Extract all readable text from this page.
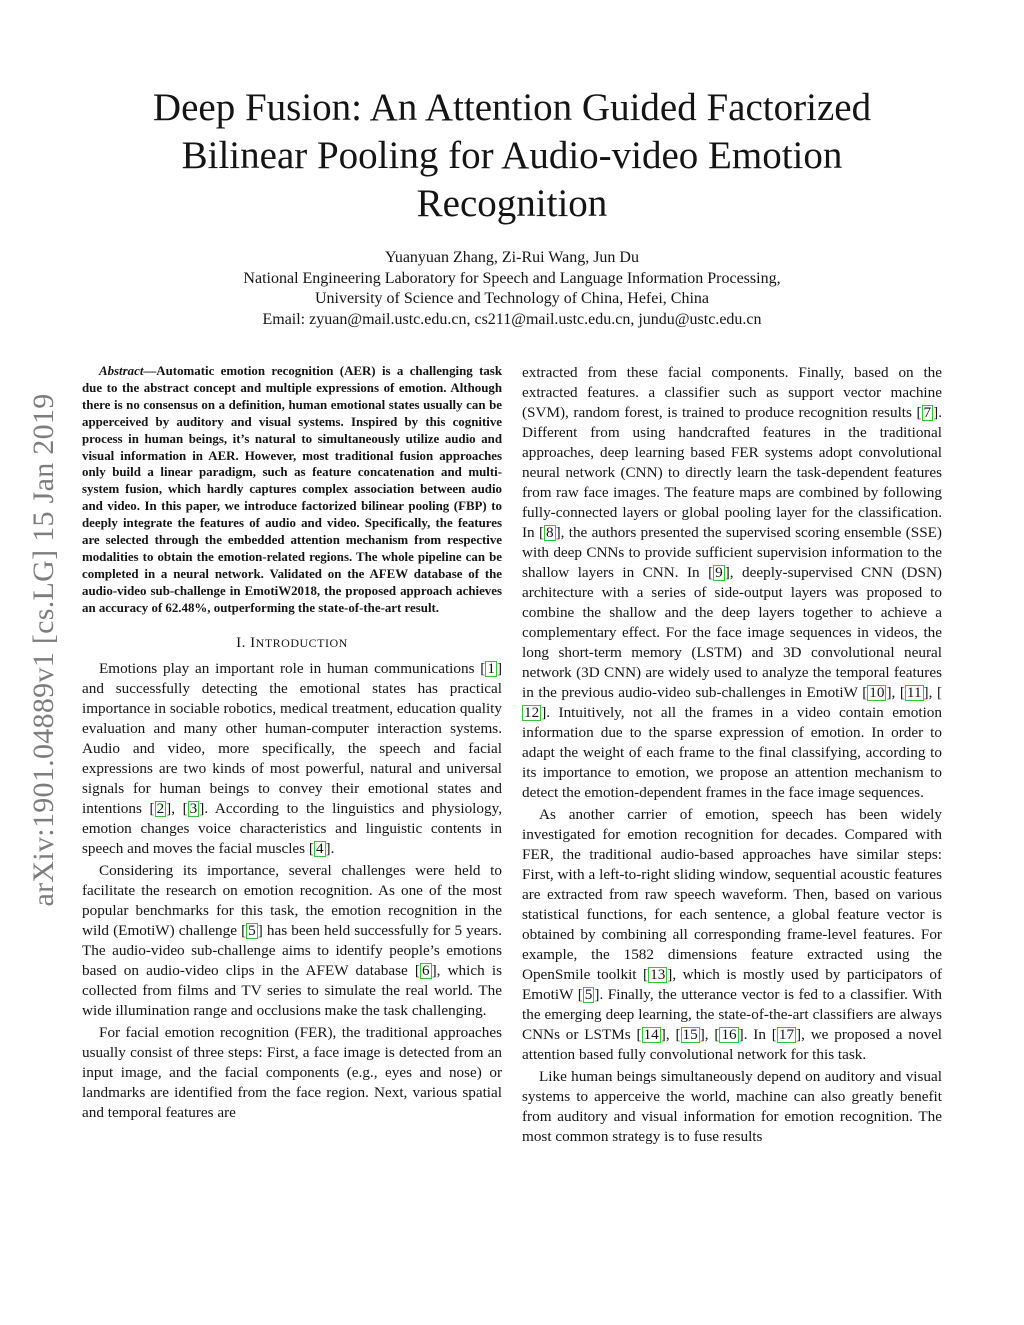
arXiv:1901.04889v1 [cs.LG] 15 Jan 2019
Deep Fusion: An Attention Guided Factorized Bilinear Pooling for Audio-video Emotion Recognition
Yuanyuan Zhang, Zi-Rui Wang, Jun Du
National Engineering Laboratory for Speech and Language Information Processing,
University of Science and Technology of China, Hefei, China
Email: zyuan@mail.ustc.edu.cn, cs211@mail.ustc.edu.cn, jundu@ustc.edu.cn

Abstract—Automatic emotion recognition (AER) is a challenging task due to the abstract concept and multiple expressions of emotion. Although there is no consensus on a definition, human emotional states usually can be apperceived by auditory and visual systems. Inspired by this cognitive process in human beings, it’s natural to simultaneously utilize audio and visual information in AER. However, most traditional fusion approaches only build a linear paradigm, such as feature concatenation and multi-system fusion, which hardly captures complex association between audio and video. In this paper, we introduce factorized bilinear pooling (FBP) to deeply integrate the features of audio and video. Specifically, the features are selected through the embedded attention mechanism from respective modalities to obtain the emotion-related regions. The whole pipeline can be completed in a neural network. Validated on the AFEW database of the audio-video sub-challenge in EmotiW2018, the proposed approach achieves an accuracy of 62.48%, outperforming the state-of-the-art result.

I. INTRODUCTION

Emotions play an important role in human communications [ 1 ] and successfully detecting the emotional states has practical importance in sociable robotics, medical treatment, education quality evaluation and many other human-computer interaction systems. Audio and video, more specifically, the speech and facial expressions are two kinds of most powerful, natural and universal signals for human beings to convey their emotional states and intentions [ 2 ], [ 3 ]. According to the linguistics and physiology, emotion changes voice characteristics and linguistic contents in speech and moves the facial muscles [ 4 ].

Considering its importance, several challenges were held to facilitate the research on emotion recognition. As one of the most popular benchmarks for this task, the emotion recognition in the wild (EmotiW) challenge [ 5 ] has been held successfully for 5 years. The audio-video sub-challenge aims to identify people’s emotions based on audio-video clips in the AFEW database [ 6 ], which is collected from films and TV series to simulate the real world. The wide illumination range and occlusions make the task challenging.

For facial emotion recognition (FER), the traditional approaches usually consist of three steps: First, a face image is detected from an input image, and the facial components (e.g., eyes and nose) or landmarks are identified from the face region. Next, various spatial and temporal features are

extracted from these facial components. Finally, based on the extracted features. a classifier such as support vector machine (SVM), random forest, is trained to produce recognition results [ 7 ]. Different from using handcrafted features in the traditional approaches, deep learning based FER systems adopt convolutional neural network (CNN) to directly learn the task-dependent features from raw face images. The feature maps are combined by following fully-connected layers or global pooling layer for the classification. In [ 8 ], the authors presented the supervised scoring ensemble (SSE) with deep CNNs to provide sufficient supervision information to the shallow layers in CNN. In [ 9 ], deeply-supervised CNN (DSN) architecture with a series of side-output layers was proposed to combine the shallow and the deep layers together to achieve a complementary effect. For the face image sequences in videos, the long short-term memory (LSTM) and 3D convolutional neural network (3D CNN) are widely used to analyze the temporal features in the previous audio-video sub-challenges in EmotiW [ 10 ], [ 11 ], [12 ]. Intuitively, not all the frames in a video contain emotion information due to the sparse expression of emotion. In order to adapt the weight of each frame to the final classifying, according to its importance to emotion, we propose an attention mechanism to detect the emotion-dependent frames in the face image sequences.

As another carrier of emotion, speech has been widely investigated for emotion recognition for decades. Compared with FER, the traditional audio-based approaches have similar steps: First, with a left-to-right sliding window, sequential acoustic features are extracted from raw speech waveform. Then, based on various statistical functions, for each sentence, a global feature vector is obtained by combining all corresponding frame-level features. For example, the 1582 dimensions feature extracted using the OpenSmile toolkit [ 13 ], which is mostly used by participators of EmotiW [ 5 ]. Finally, the utterance vector is fed to a classifier. With the emerging deep learning, the state-of-the-art classifiers are always CNNs or LSTMs [ 14 ], [ 15 ], [ 16 ]. In [ 17 ], we proposed a novel attention based fully convolutional network for this task.

Like human beings simultaneously depend on auditory and visual systems to apperceive the world, machine can also greatly benefit from auditory and visual information for emotion recognition. The most common strategy is to fuse results
